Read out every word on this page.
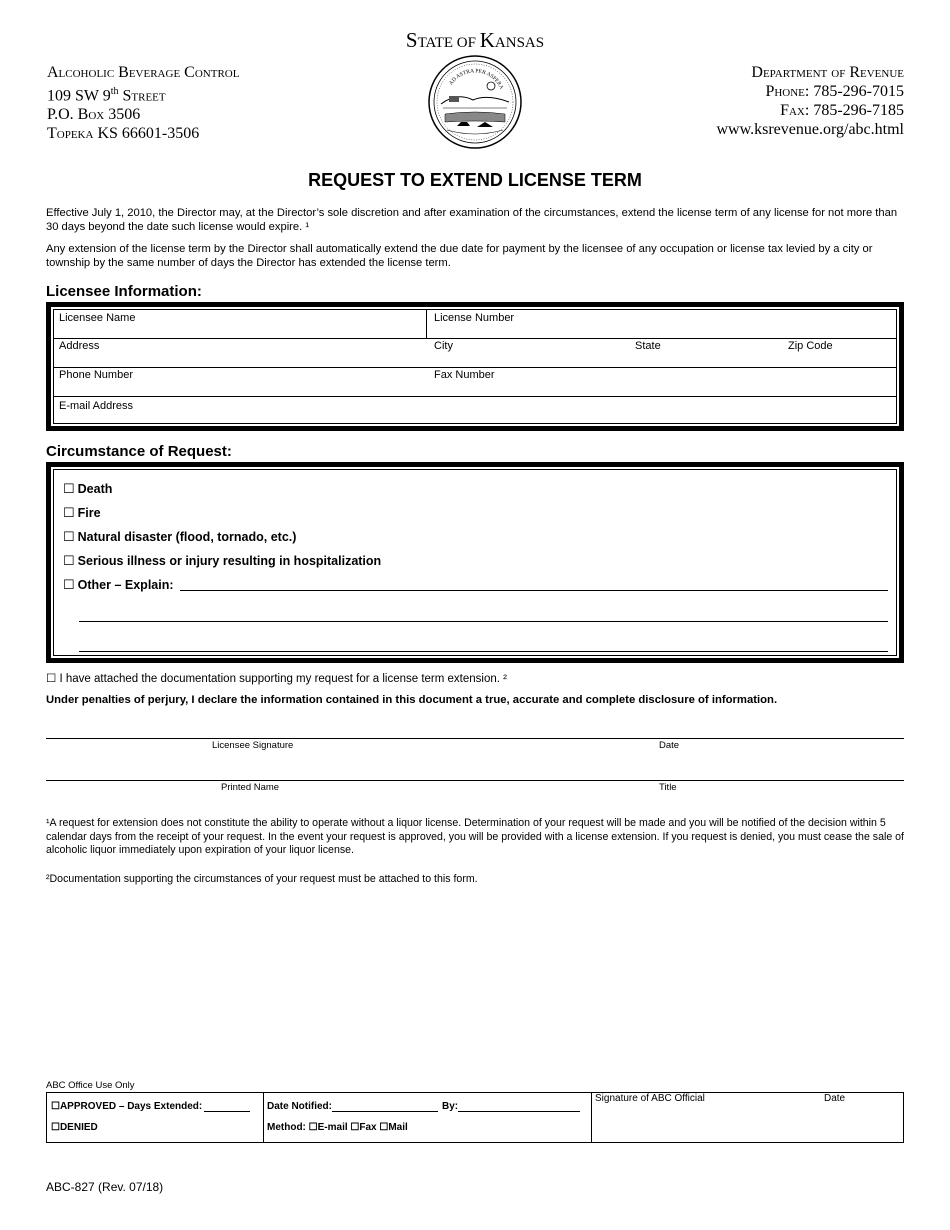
STATE OF KANSAS
Alcoholic Beverage Control
109 SW 9th Street
P.O. Box 3506
Topeka KS 66601-3506
AD ASTRA PER ASPERA
Department of Revenue
Phone: 785-296-7015
Fax: 785-296-7185
www.ksrevenue.org/abc.html
REQUEST TO EXTEND LICENSE TERM
Effective July 1, 2010, the Director may, at the Director’s sole discretion and after examination of the circumstances, extend the license term of any license for not more than 30 days beyond the date such license would expire. ¹
Any extension of the license term by the Director shall automatically extend the due date for payment by the licensee of any occupation or license tax levied by a city or township by the same number of days the Director has extended the license term.
Licensee Information:
Licensee Name	License Number
Address	City	State	Zip Code
Phone Number	Fax Number
E-mail Address
Circumstance of Request:
☐ Death
☐ Fire
☐ Natural disaster (flood, tornado, etc.)
☐ Serious illness or injury resulting in hospitalization
☐ Other – Explain:
☐ I have attached the documentation supporting my request for a license term extension. ²
Under penalties of perjury, I declare the information contained in this document a true, accurate and complete disclosure of information.
Licensee Signature	Date
Printed Name	Title
¹A request for extension does not constitute the ability to operate without a liquor license. Determination of your request will be made and you will be notified of the decision within 5 calendar days from the receipt of your request. In the event your request is approved, you will be provided with a license extension. If you request is denied, you must cease the sale of alcoholic liquor immediately upon expiration of your liquor license.
²Documentation supporting the circumstances of your request must be attached to this form.
ABC Office Use Only
☐APPROVED – Days Extended:
☐DENIED
Date Notified:	By:
Method: ☐E-mail ☐Fax ☐Mail
Signature of ABC Official	Date
ABC-827 (Rev. 07/18)
